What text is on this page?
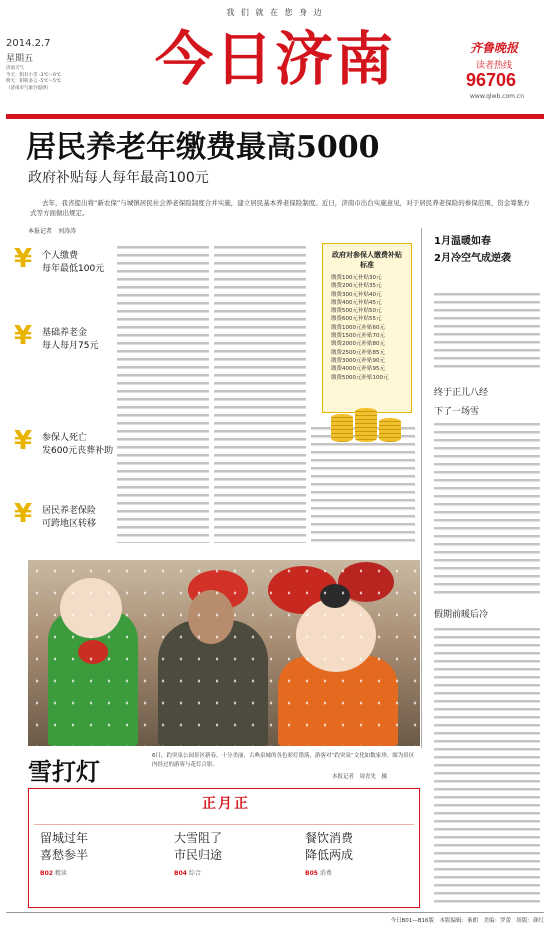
我 们 就 在 您 身 边
2014.2.7
星期五
济南天气
今天：阴有小雪 -3℃～0℃
明天：阴转多云 -5℃～5℃
（济南市气象台提供）	今日济南	齐鲁晚报
读者热线
96706
www.qlwb.com.cn
居民养老年缴费最高5000
政府补贴每人每年最高100元
去年，我省提出将“新农保”与城镇居民社会养老保险制度合并实施，建立居民基本养老保险制度。近日，济南市出台实施意见，对于居民养老保险的参保范围、资金筹集方式等方面做出规定。
本报记者　刘涛涛
¥ 个人缴费
每年最低100元
¥ 基础养老金
每人每月75元
¥ 参保人死亡
发600元丧葬补助
¥ 居民养老保险
可跨地区转移
政府对参保人缴费补贴标准
缴费100元补贴30元
缴费200元补贴35元
缴费300元补贴40元
缴费400元补贴45元
缴费500元补贴50元
缴费600元补贴55元
缴费1000元补贴60元
缴费1500元补贴70元
缴费2000元补贴80元
缴费2500元补贴85元
缴费3000元补贴90元
缴费4000元补贴95元
缴费5000元补贴100元
1月温暖如春
2月冷空气成逆袭
终于正儿八经
下了一场雪
假期前暖后冷
雪打灯
6日，趵突泉公园景区新春，十分美丽，古典泉城的各色彩灯错落，游客对“趵突泉”文化如数家珍。图为景区内经过的游客与花灯合影。
本报记者　周青先　摄
正月正
留城过年
喜愁参半
B02 精读
大雪阻了
市民归途
B04 综合
餐饮消费
降低两成
B05 消费
今日B01—B16版　本版编辑：秦朗　美编：罗蕾　组版：颜红
